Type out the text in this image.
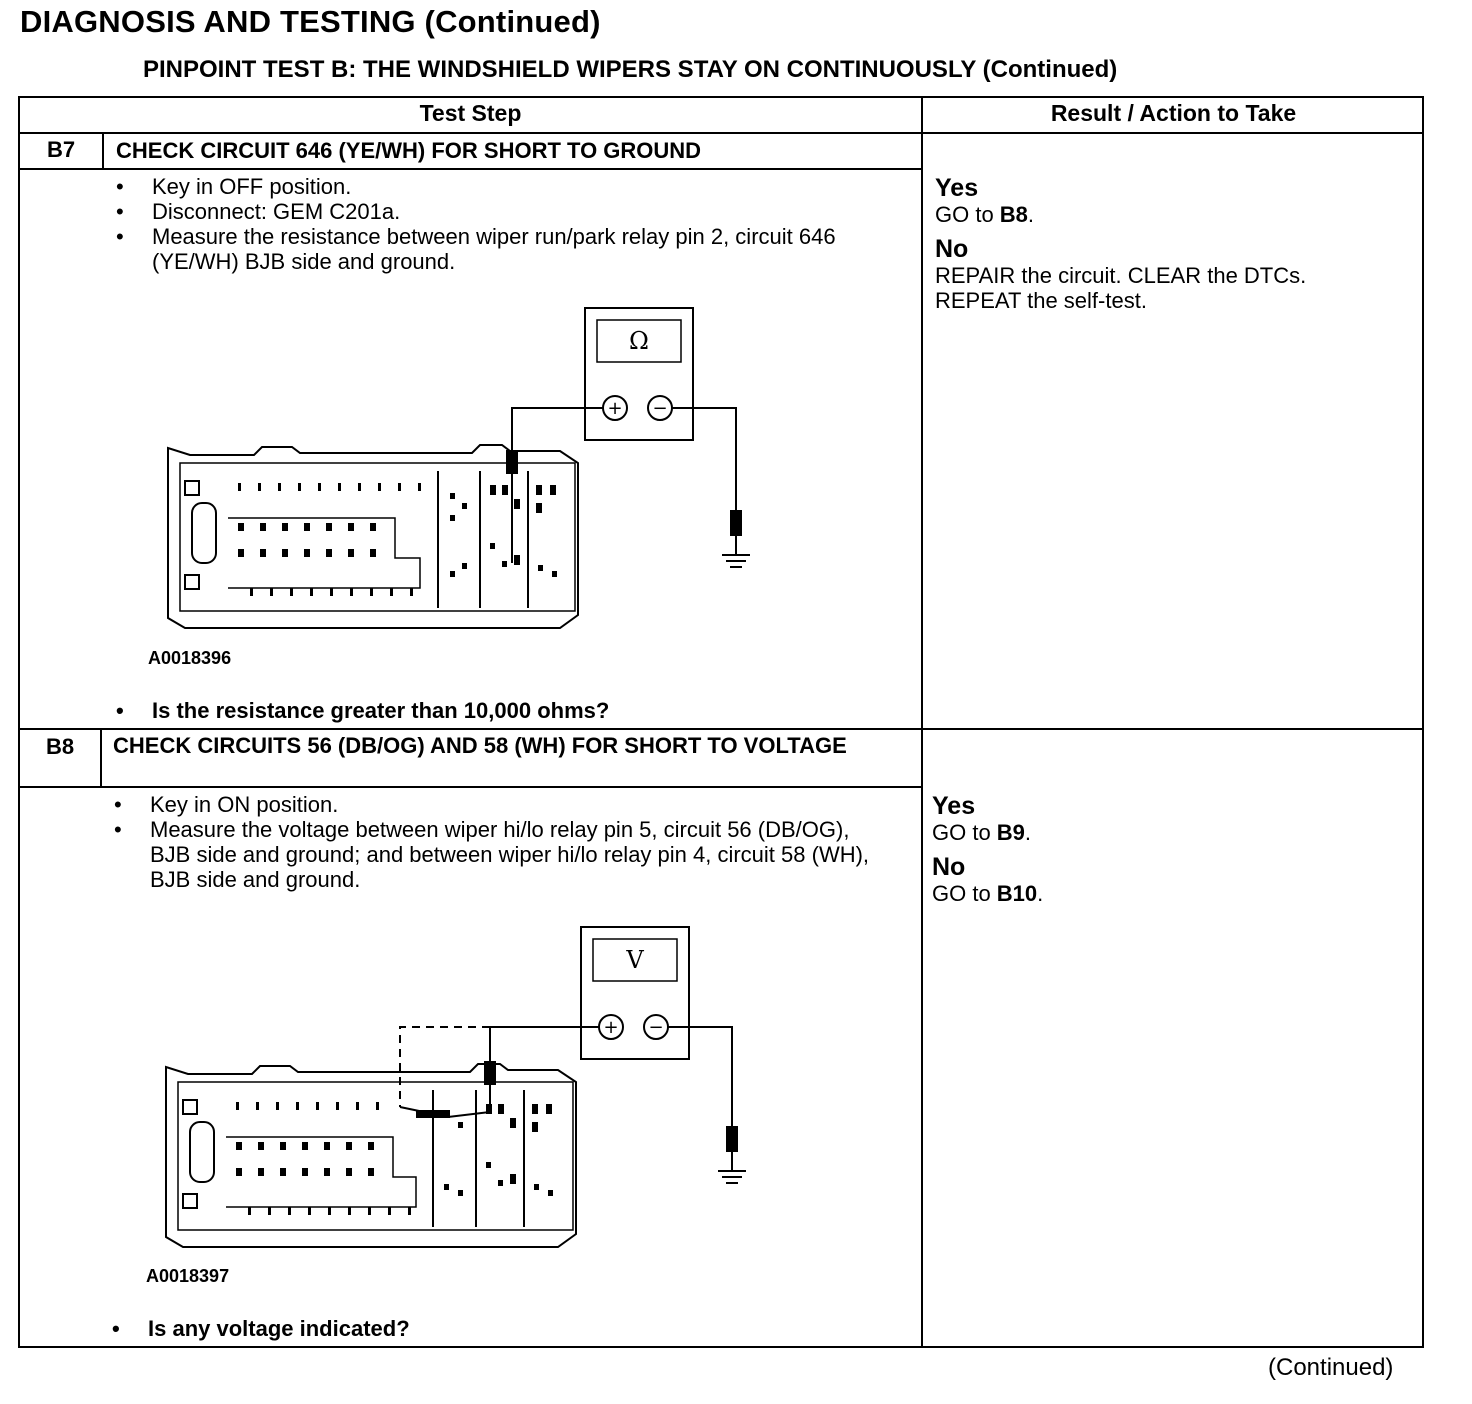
DIAGNOSIS AND TESTING (Continued)
PINPOINT TEST B: THE WINDSHIELD WIPERS STAY ON CONTINUOUSLY (Continued)
Test Step	Result / Action to Take
B7	CHECK CIRCUIT 646 (YE/WH) FOR SHORT TO GROUND
• Key in OFF position.
• Disconnect: GEM C201a.
• Measure the resistance between wiper run/park relay pin 2, circuit 646 (YE/WH) BJB side and ground.
Ω
+ −
A0018396
• Is the resistance greater than 10,000 ohms?
Yes
GO to B8.
No
REPAIR the circuit. CLEAR the DTCs.
REPEAT the self-test.
B8	CHECK CIRCUITS 56 (DB/OG) AND 58 (WH) FOR SHORT TO VOLTAGE
• Key in ON position.
• Measure the voltage between wiper hi/lo relay pin 5, circuit 56 (DB/OG), BJB side and ground; and between wiper hi/lo relay pin 4, circuit 58 (WH), BJB side and ground.
V
+ −
A0018397
• Is any voltage indicated?
Yes
GO to B9.
No
GO to B10.
(Continued)
